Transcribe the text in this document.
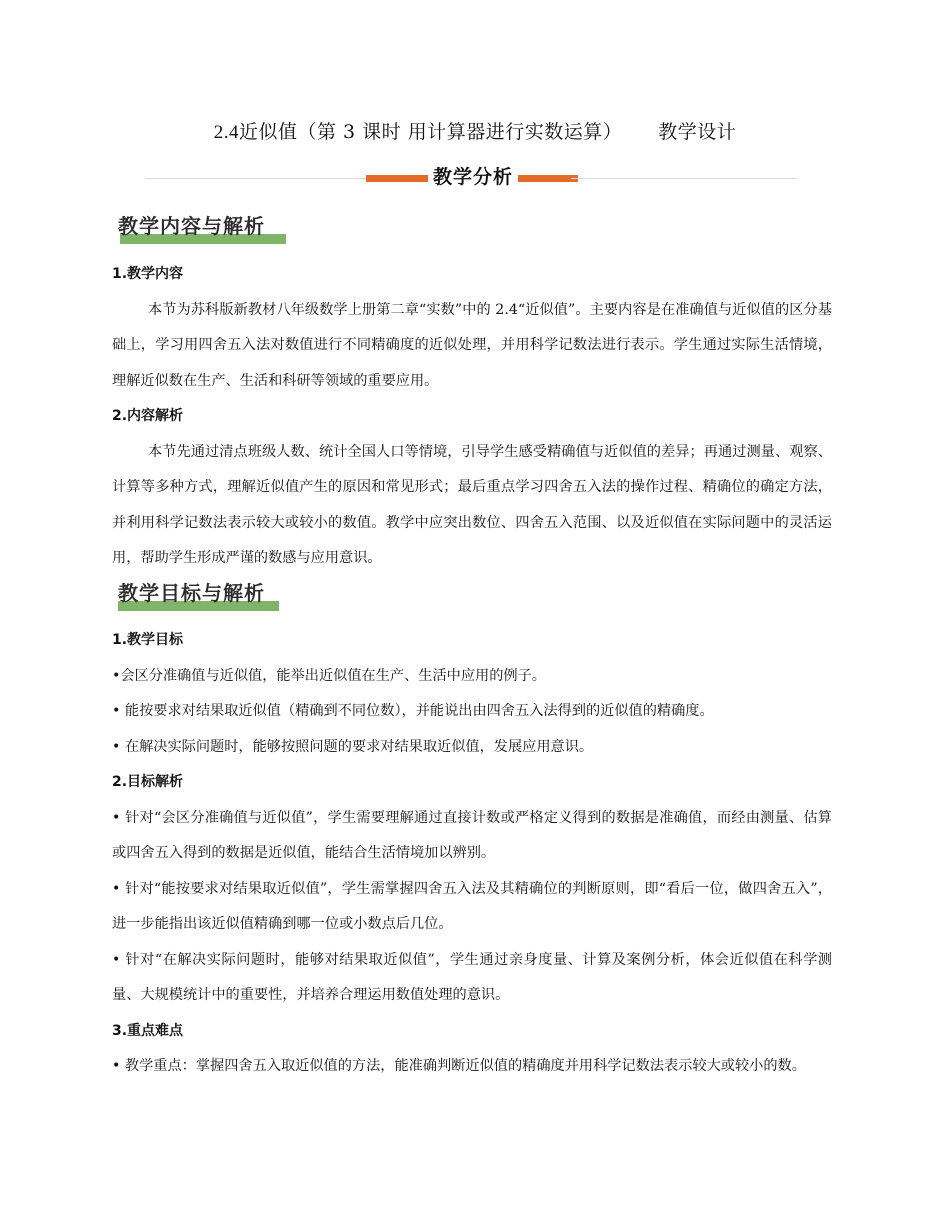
2.4近似值（第 3 课时 用计算器进行实数运算） 教学设计
教学分析
教学内容与解析
1.教学内容
本节为苏科版新教材八年级数学上册第二章“实数”中的 2.4“近似值”。主要内容是在准确值与近似值的区分基础上，学习用四舍五入法对数值进行不同精确度的近似处理，并用科学记数法进行表示。学生通过实际生活情境，理解近似数在生产、生活和科研等领域的重要应用。
2.内容解析
本节先通过清点班级人数、统计全国人口等情境，引导学生感受精确值与近似值的差异；再通过测量、观察、计算等多种方式，理解近似值产生的原因和常见形式；最后重点学习四舍五入法的操作过程、精确位的确定方法，并利用科学记数法表示较大或较小的数值。教学中应突出数位、四舍五入范围、以及近似值在实际问题中的灵活运用，帮助学生形成严谨的数感与应用意识。
教学目标与解析
1.教学目标
•会区分准确值与近似值，能举出近似值在生产、生活中应用的例子。
• 能按要求对结果取近似值（精确到不同位数），并能说出由四舍五入法得到的近似值的精确度。
• 在解决实际问题时，能够按照问题的要求对结果取近似值，发展应用意识。
2.目标解析
• 针对“会区分准确值与近似值”，学生需要理解通过直接计数或严格定义得到的数据是准确值，而经由测量、估算或四舍五入得到的数据是近似值，能结合生活情境加以辨别。
• 针对“能按要求对结果取近似值”，学生需掌握四舍五入法及其精确位的判断原则，即“看后一位，做四舍五入”，进一步能指出该近似值精确到哪一位或小数点后几位。
• 针对“在解决实际问题时，能够对结果取近似值”，学生通过亲身度量、计算及案例分析，体会近似值在科学测量、大规模统计中的重要性，并培养合理运用数值处理的意识。
3.重点难点
• 教学重点：掌握四舍五入取近似值的方法，能准确判断近似值的精确度并用科学记数法表示较大或较小的数。
